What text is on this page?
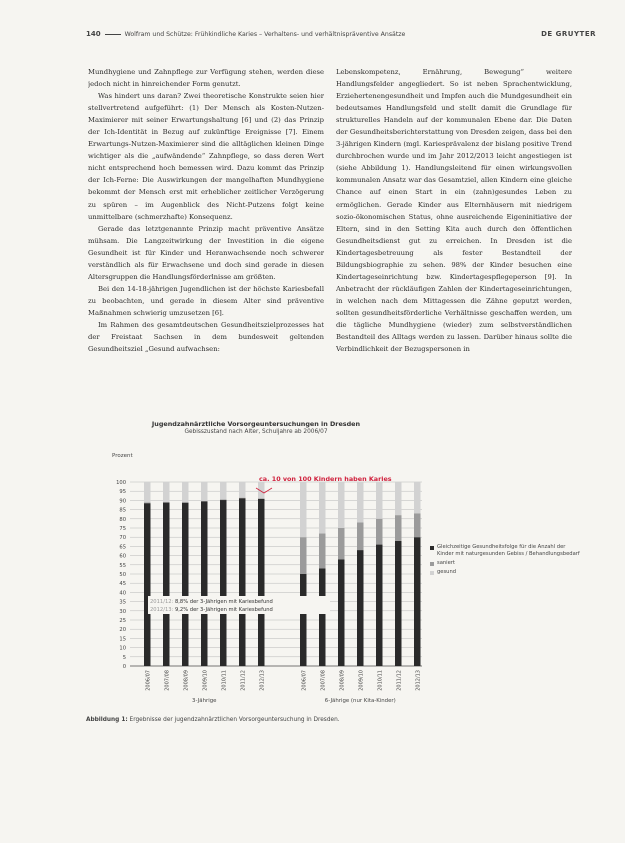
140	Wolfram und Schütze: Frühkindliche Karies – Verhaltens- und verhältnispräventive Ansätze	DE GRUYTER

Mundhygiene und Zahnpflege zur Verfügung stehen, werden diese jedoch nicht in hinreichender Form genutzt.

Was hindert uns daran? Zwei theoretische Konstrukte seien hier stellvertretend aufgeführt: (1) Der Mensch als Kosten-Nutzen-Maximierer mit seiner Erwartungshaltung [6] und (2) das Prinzip der Ich-Identität in Bezug auf zukünftige Ereignisse [7]. Einem Erwartungs-Nutzen-Maximierer sind die alltäglichen kleinen Dinge wichtiger als die „aufwändende“ Zahnpflege, so dass deren Wert nicht entsprechend hoch bemessen wird. Dazu kommt das Prinzip der Ich-Ferne: Die Auswirkungen der mangelhaften Mundhygiene bekommt der Mensch erst mit erheblicher zeitlicher Verzögerung zu spüren – im Augenblick des Nicht-Putzens folgt keine unmittelbare (schmerzhafte) Konsequenz.

Gerade das letztgenannte Prinzip macht präventive Ansätze mühsam. Die Langzeitwirkung der Investition in die eigene Gesundheit ist für Kinder und Heranwachsende noch schwerer verständlich als für Erwachsene und doch sind gerade in diesen Altersgruppen die Handlungsförderlnisse am größten.

Bei den 14-18-jährigen Jugendlichen ist der höchste Kariesbefall zu beobachten, und gerade in diesem Alter sind präventive Maßnahmen schwierig umzusetzen [6].

Im Rahmen des gesamtdeutschen Gesundheitszielprozesses hat der Freistaat Sachsen in dem bundesweit geltenden Gesundheitsziel „Gesund aufwachsen:

Lebenskompetenz, Ernährung, Bewegung“ weitere Handlungsfelder angegliedert. So ist neben Sprachentwicklung, Erziehertenengesundheit und Impfen auch die Mundgesundheit ein bedeutsames Handlungsfeld und stellt damit die Grundlage für strukturelles Handeln auf der kommunalen Ebene dar. Die Daten der Gesundheitsberichterstattung von Dresden zeigen, dass bei den 3-jährigen Kindern (mgl. Kariesprävalenz der bislang positive Trend durchbrochen wurde und im Jahr 2012/2013 leicht angestiegen ist (siehe Abbildung 1). Handlungsleitend für einen wirkungsvollen kommunalen Ansatz war das Gesamtziel, allen Kindern eine gleiche Chance auf einen Start in ein (zahn)gesundes Leben zu ermöglichen. Gerade Kinder aus Elternhäusern mit niedrigem sozio-ökonomischen Status, ohne ausreichende Eigeninitiative der Eltern, sind in den Setting Kita auch durch den öffentlichen Gesundheitsdienst gut zu erreichen. In Dresden ist die Kindertagesbetreuung als fester Bestandteil der Bildungsbiographie zu sehen. 98% der Kinder besuchen eine Kindertageseinrichtung bzw. Kindertagespflegeperson [9]. In Anbetracht der rückläufigen Zahlen der Kindertageseinrichtungen, in welchen nach dem Mittagessen die Zähne geputzt werden, sollten gesundheitsförderliche Verhältnisse geschaffen werden, um die tägliche Mundhygiene (wieder) zum selbstverständlichen Bestandteil des Alltags werden zu lassen. Darüber hinaus sollte die Verbindlichkeit der Bezugspersonen in

Jugendzahnärztliche Vorsorgeuntersuchungen in Dresden
Gebisszustand nach Alter, Schuljahre ab 2006/07
Prozent
0
5
10
15
20
25
30
35
40
45
50
55
60
65
70
75
80
85
90
95
100
2006/07	2007/08	2008/09	2009/10	2010/11	2011/12	2012/13
3-Jährige
2006/07	2007/08	2008/09	2009/10	2010/11	2011/12	2012/13
6-Jährige (nur Kita-Kinder)
ca. 10 von 100 Kindern haben Karies
2011/12: 8,8% der 3-Jährigen mit Kariesbefund
2012/13: 9,2% der 3-Jährigen mit Kariesbefund
Gleichzeitige Gesundheitsfolge für die Anzahl der Kinder mit naturgesunden Gebiss / Behandlungsbedarf
saniert
gesund
Abbildung 1: Ergebnisse der jugendzahnärztlichen Vorsorgeuntersuchung in Dresden.
